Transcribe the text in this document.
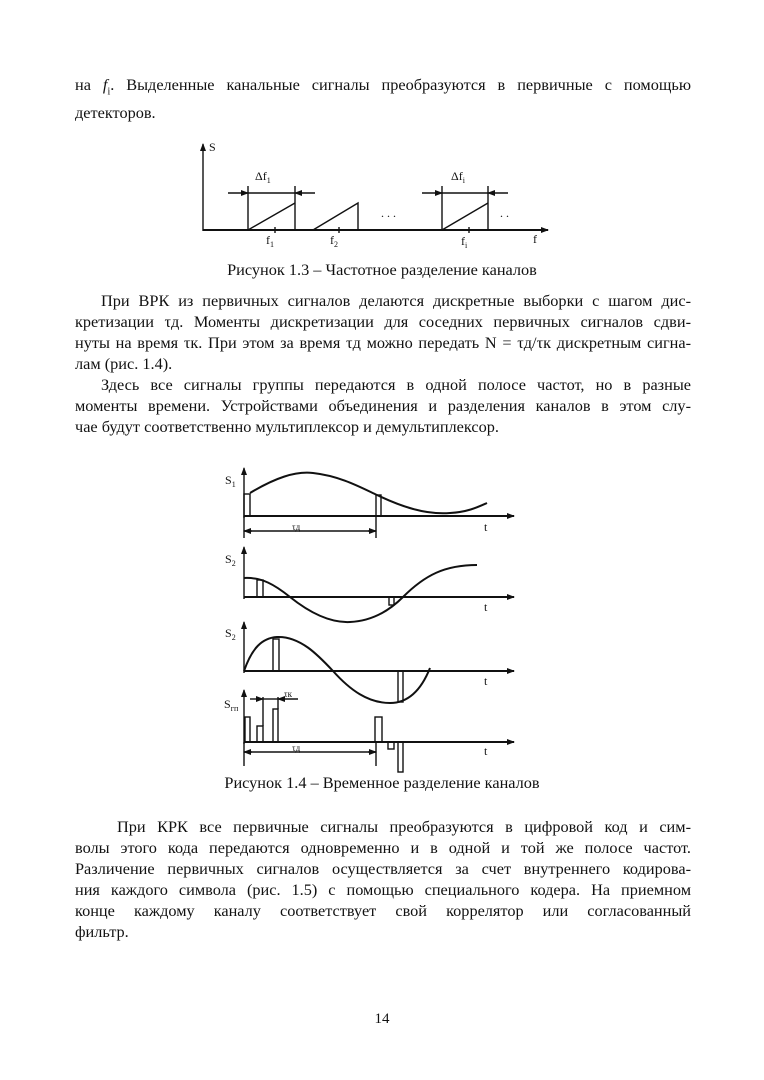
на $f_i$. Выделенные канальные сигналы преобразуются в первичные с помощью
детекторов.
S
f
$\Delta f_1$	$\Delta f_i$
$f_1$	$f_2$	$f_i$
. . .	. .
$S_1$
$S_2$
$S_2$
$S_{гп}$
t
t
t
t
τд
τд
τк
Рисунок 1.3 – Частотное разделение каналов
При ВРК из первичных сигналов делаются дискретные выборки с шагом дис-
кретизации τд. Моменты дискретизации для соседних первичных сигналов сдви-
нуты на время τк. При этом за время τд можно передать N = τд/τк дискретным сигна-
лам (рис. 1.4).
Здесь все сигналы группы передаются в одной полосе частот, но в разные
моменты времени. Устройствами объединения и разделения каналов в этом слу-
чае будут соответственно мультиплексор и демультиплексор.
Рисунок 1.4 – Временное разделение каналов
При КРК все первичные сигналы преобразуются в цифровой код и сим-
волы этого кода передаются одновременно и в одной и той же полосе частот.
Различение первичных сигналов осуществляется за счет внутреннего кодирова-
ния каждого символа (рис. 1.5) с помощью специального кодера. На приемном
конце каждому каналу соответствует свой коррелятор или согласованный
фильтр.
14
